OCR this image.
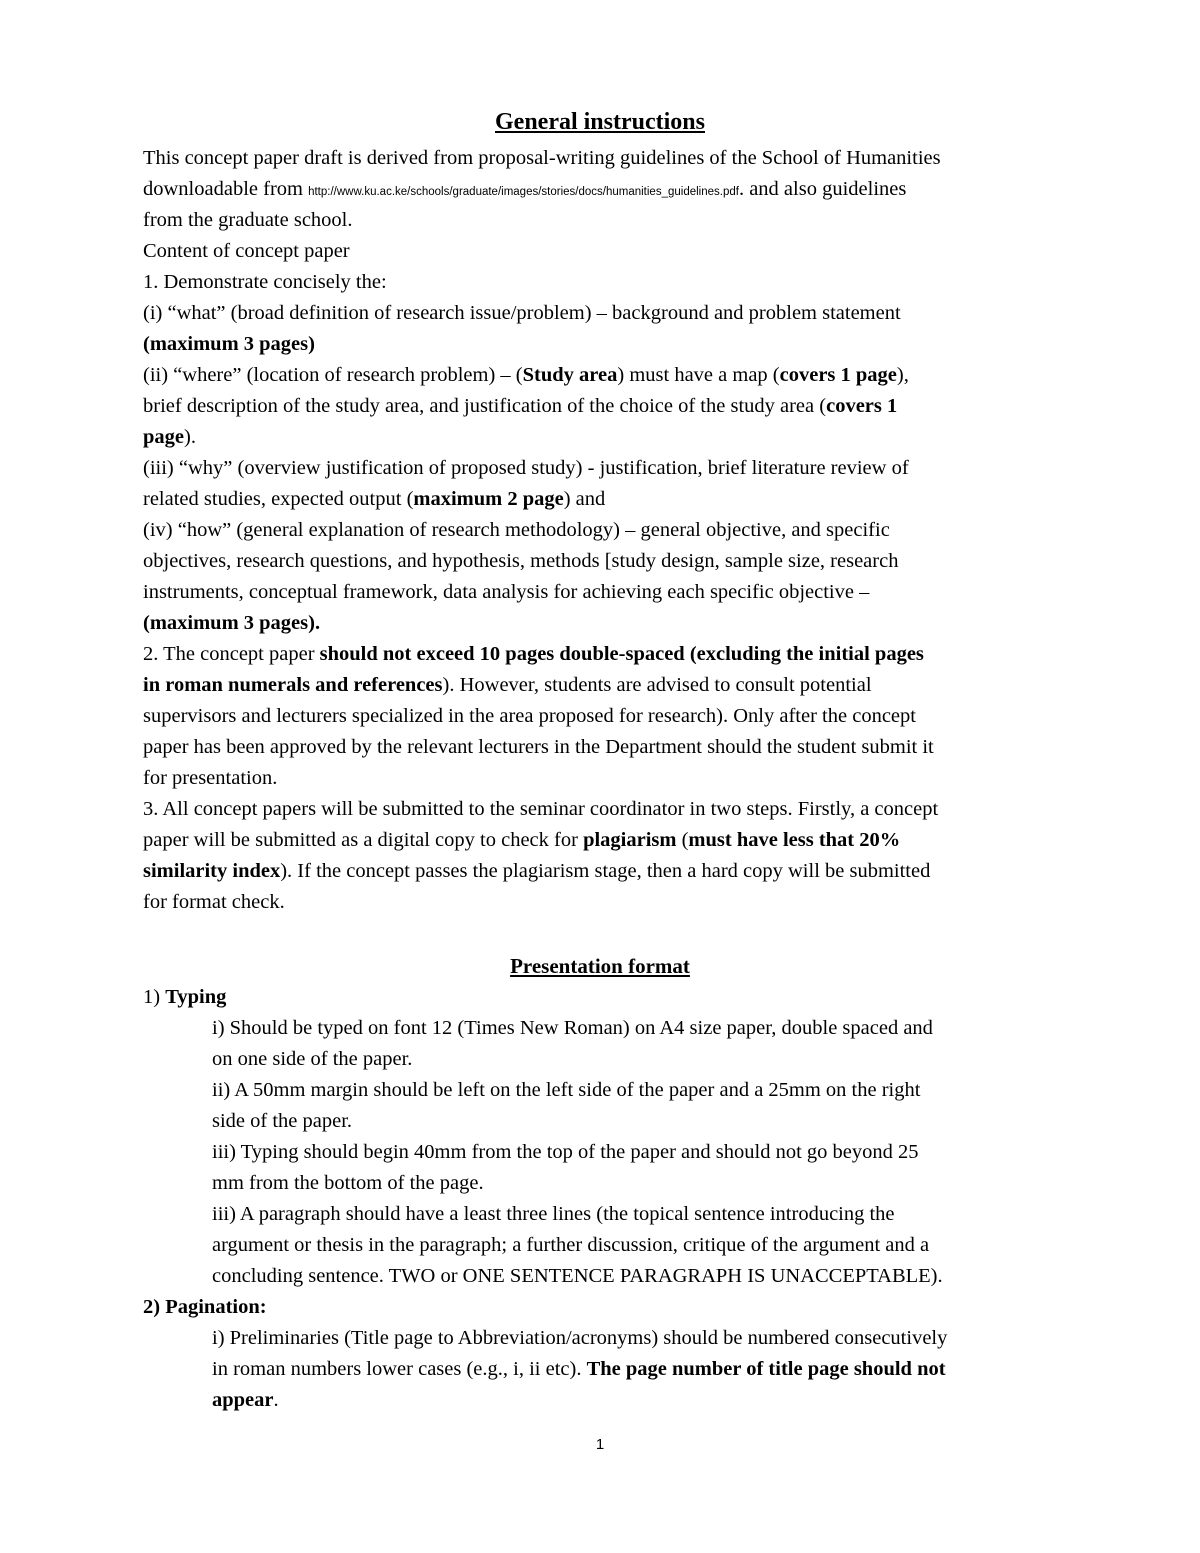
General instructions

This concept paper draft is derived from proposal-writing guidelines of the School of Humanities

downloadable from http://www.ku.ac.ke/schools/graduate/images/stories/docs/humanities_guidelines.pdf. and also guidelines

from the graduate school.

Content of concept paper

1. Demonstrate concisely the:

(i) “what” (broad definition of research issue/problem) – background and problem statement

(maximum 3 pages)

(ii) “where” (location of research problem) – (Study area) must have a map (covers 1 page),

brief description of the study area, and justification of the choice of the study area (covers 1

page).

(iii) “why” (overview justification of proposed study) - justification, brief literature review of

related studies, expected output (maximum 2 page) and

(iv) “how” (general explanation of research methodology) – general objective, and specific

objectives, research questions, and hypothesis, methods [study design, sample size, research

instruments, conceptual framework, data analysis for achieving each specific objective –

(maximum 3 pages).

2. The concept paper should not exceed 10 pages double-spaced (excluding the initial pages

in roman numerals and references). However, students are advised to consult potential

supervisors and lecturers specialized in the area proposed for research). Only after the concept

paper has been approved by the relevant lecturers in the Department should the student submit it

for presentation.

3. All concept papers will be submitted to the seminar coordinator in two steps. Firstly, a concept

paper will be submitted as a digital copy to check for plagiarism (must have less that 20%

similarity index). If the concept passes the plagiarism stage, then a hard copy will be submitted

for format check.

Presentation format

1) Typing

i) Should be typed on font 12 (Times New Roman) on A4 size paper, double spaced and

on one side of the paper.

ii) A 50mm margin should be left on the left side of the paper and a 25mm on the right

side of the paper.

iii) Typing should begin 40mm from the top of the paper and should not go beyond 25

mm from the bottom of the page.

iii) A paragraph should have a least three lines (the topical sentence introducing the

argument or thesis in the paragraph; a further discussion, critique of the argument and a

concluding sentence. TWO or ONE SENTENCE PARAGRAPH IS UNACCEPTABLE).

2) Pagination:

i) Preliminaries (Title page to Abbreviation/acronyms) should be numbered consecutively

in roman numbers lower cases (e.g., i, ii etc). The page number of title page should not

appear.

1
